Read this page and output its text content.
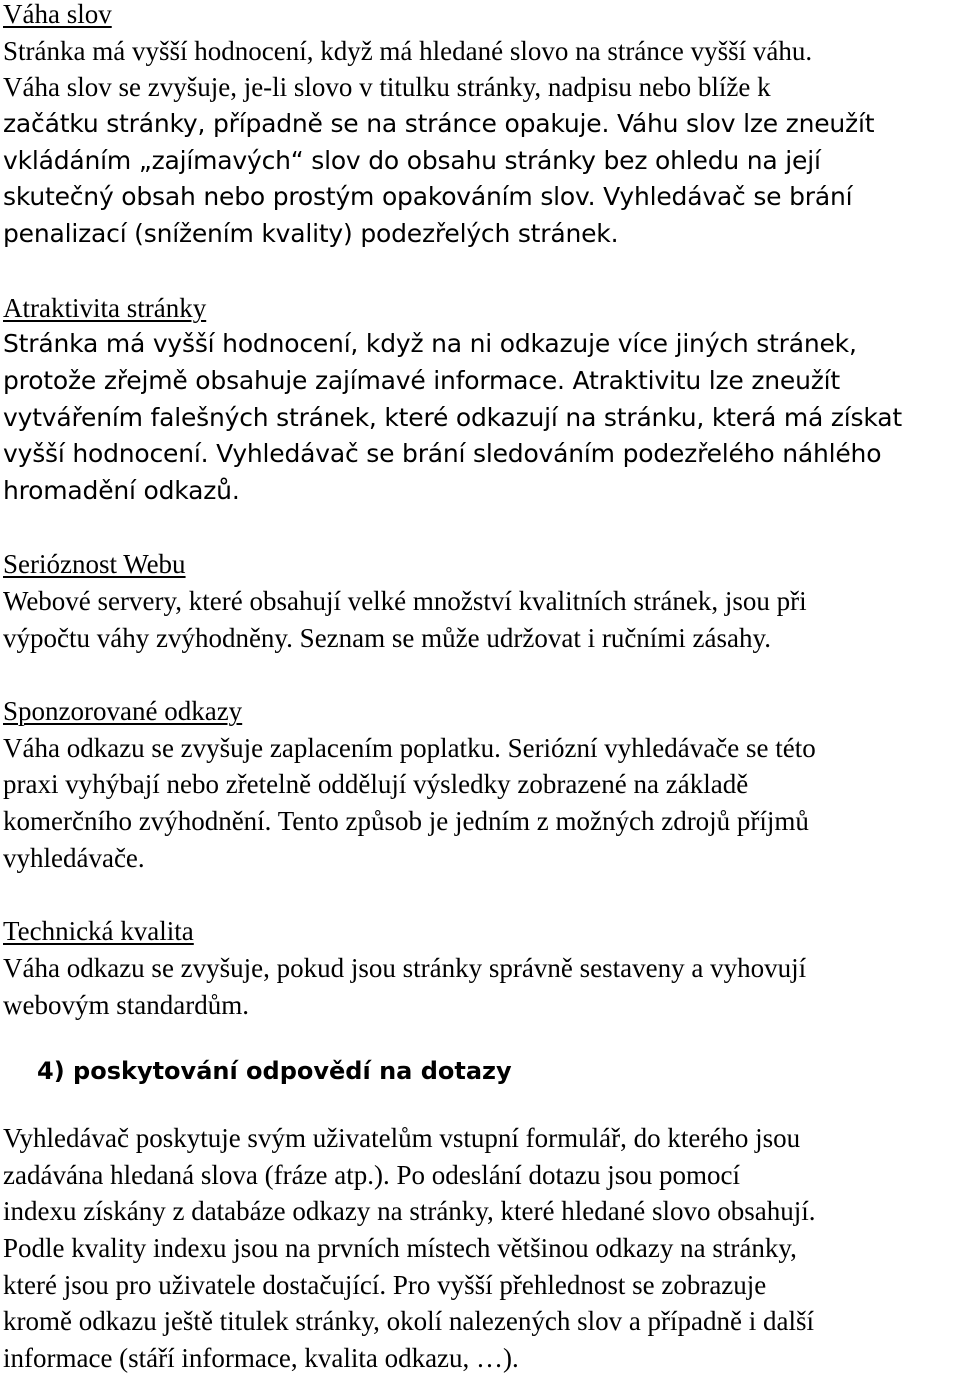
Váha slov
Stránka má vyšší hodnocení, když má hledané slovo na stránce vyšší váhu.
Váha slov se zvyšuje, je-li slovo v titulku stránky, nadpisu nebo blíže k
začátku stránky, případně se na stránce opakuje. Váhu slov lze zneužít
vkládáním „zajímavých“ slov do obsahu stránky bez ohledu na její
skutečný obsah nebo prostým opakováním slov. Vyhledávač se brání
penalizací (snížením kvality) podezřelých stránek.
Atraktivita stránky
Stránka má vyšší hodnocení, když na ni odkazuje více jiných stránek,
protože zřejmě obsahuje zajímavé informace. Atraktivitu lze zneužít
vytvářením falešných stránek, které odkazují na stránku, která má získat
vyšší hodnocení. Vyhledávač se brání sledováním podezřelého náhlého
hromadění odkazů.
Serióznost Webu
Webové servery, které obsahují velké množství kvalitních stránek, jsou při
výpočtu váhy zvýhodněny. Seznam se může udržovat i ručními zásahy.
Sponzorované odkazy
Váha odkazu se zvyšuje zaplacením poplatku. Seriózní vyhledávače se této
praxi vyhýbají nebo zřetelně oddělují výsledky zobrazené na základě
komerčního zvýhodnění. Tento způsob je jedním z možných zdrojů příjmů
vyhledávače.
Technická kvalita
Váha odkazu se zvyšuje, pokud jsou stránky správně sestaveny a vyhovují
webovým standardům.
4) poskytování odpovědí na dotazy
Vyhledávač poskytuje svým uživatelům vstupní formulář, do kterého jsou
zadávána hledaná slova (fráze atp.). Po odeslání dotazu jsou pomocí
indexu získány z databáze odkazy na stránky, které hledané slovo obsahují.
Podle kvality indexu jsou na prvních místech většinou odkazy na stránky,
které jsou pro uživatele dostačující. Pro vyšší přehlednost se zobrazuje
kromě odkazu ještě titulek stránky, okolí nalezených slov a případně i další
informace (stáří informace, kvalita odkazu, …).
